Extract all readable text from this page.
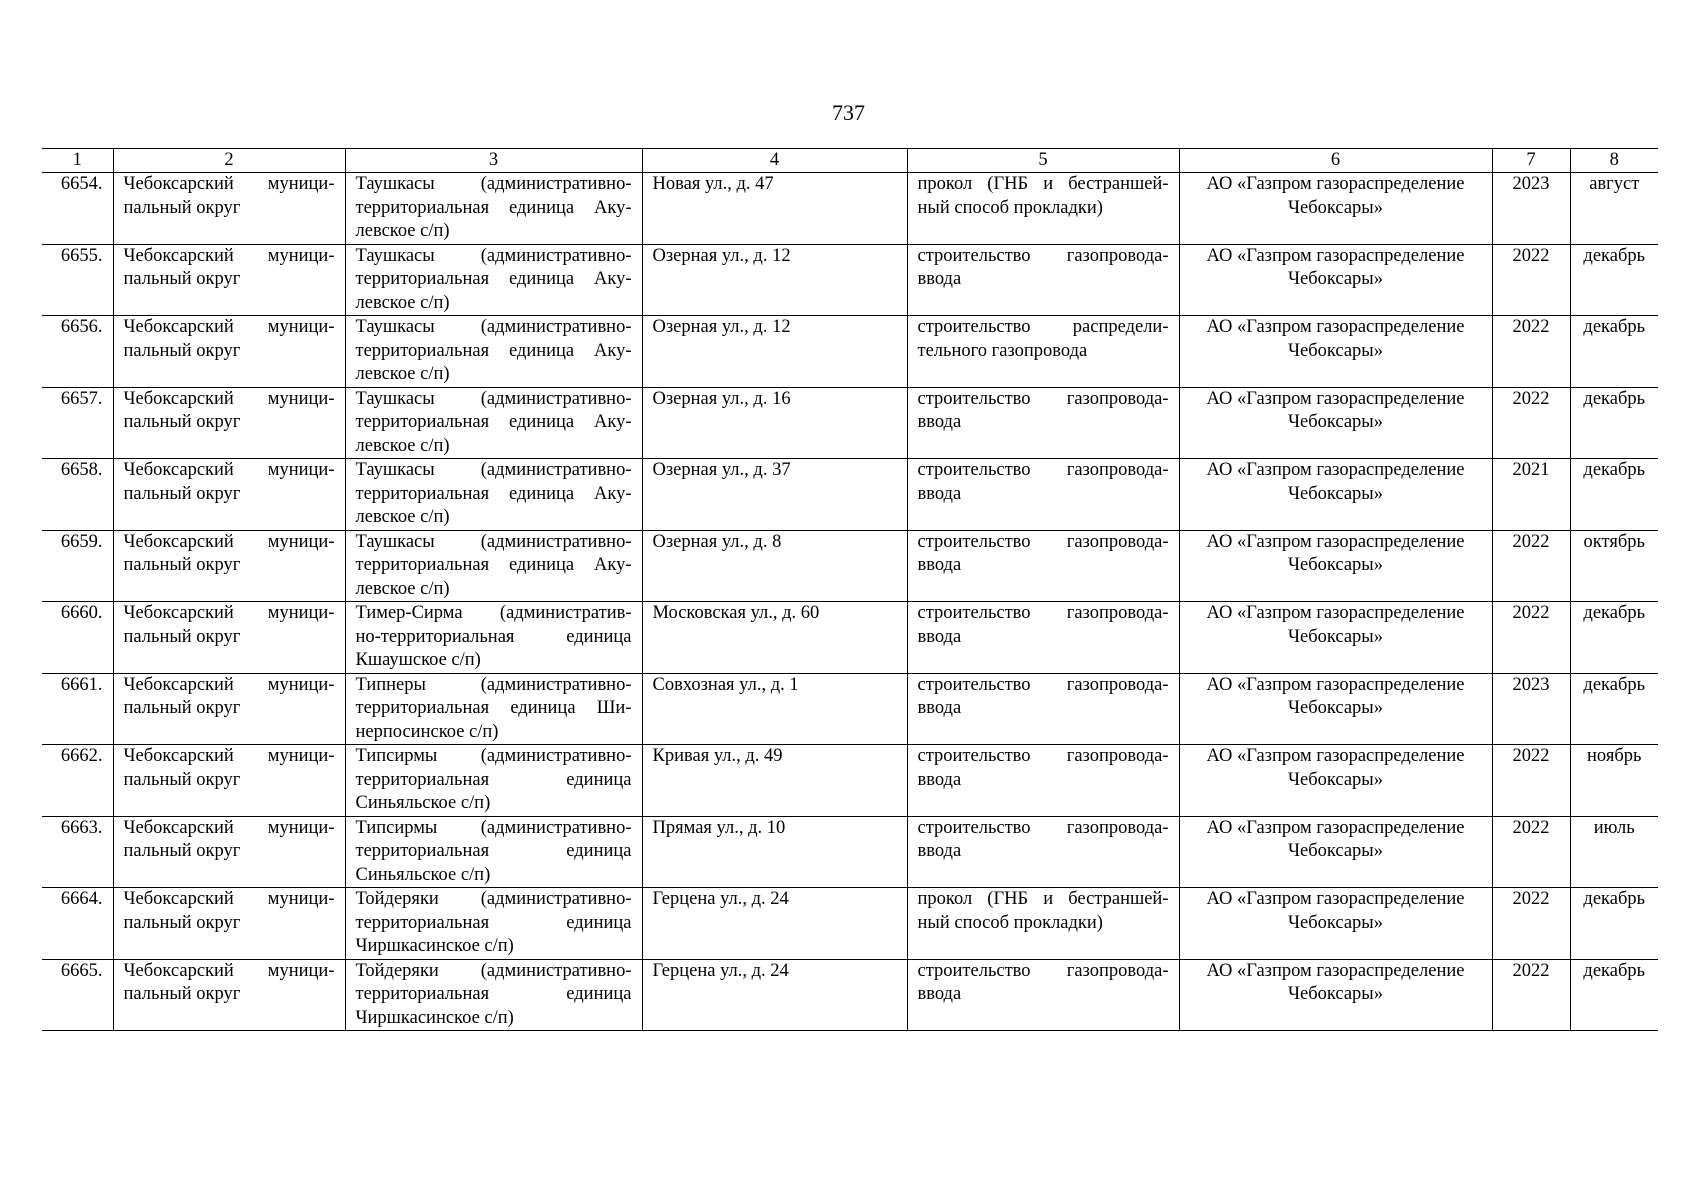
737
1	2	3	4	5	6	7	8
6654.	Чебоксарский муници-
пальный округ	Таушкасы (административно-
территориальная единица Аку-
левское с/п)	Новая ул., д. 47	прокол (ГНБ и бестраншей-
ный способ прокладки)	АО «Газпром газораспределение
Чебоксары»	2023	август
6655.	Чебоксарский муници-
пальный округ	Таушкасы (административно-
территориальная единица Аку-
левское с/п)	Озерная ул., д. 12	строительство газопровода-
ввода	АО «Газпром газораспределение
Чебоксары»	2022	декабрь
6656.	Чебоксарский муници-
пальный округ	Таушкасы (административно-
территориальная единица Аку-
левское с/п)	Озерная ул., д. 12	строительство распредели-
тельного газопровода	АО «Газпром газораспределение
Чебоксары»	2022	декабрь
6657.	Чебоксарский муници-
пальный округ	Таушкасы (административно-
территориальная единица Аку-
левское с/п)	Озерная ул., д. 16	строительство газопровода-
ввода	АО «Газпром газораспределение
Чебоксары»	2022	декабрь
6658.	Чебоксарский муници-
пальный округ	Таушкасы (административно-
территориальная единица Аку-
левское с/п)	Озерная ул., д. 37	строительство газопровода-
ввода	АО «Газпром газораспределение
Чебоксары»	2021	декабрь
6659.	Чебоксарский муници-
пальный округ	Таушкасы (административно-
территориальная единица Аку-
левское с/п)	Озерная ул., д. 8	строительство газопровода-
ввода	АО «Газпром газораспределение
Чебоксары»	2022	октябрь
6660.	Чебоксарский муници-
пальный округ	Тимер-Сирма (административ-
но-территориальная единица
Кшаушское с/п)	Московская ул., д. 60	строительство газопровода-
ввода	АО «Газпром газораспределение
Чебоксары»	2022	декабрь
6661.	Чебоксарский муници-
пальный округ	Типнеры (административно-
территориальная единица Ши-
нерпосинское с/п)	Совхозная ул., д. 1	строительство газопровода-
ввода	АО «Газпром газораспределение
Чебоксары»	2023	декабрь
6662.	Чебоксарский муници-
пальный округ	Типсирмы (административно-
территориальная единица
Синьяльское с/п)	Кривая ул., д. 49	строительство газопровода-
ввода	АО «Газпром газораспределение
Чебоксары»	2022	ноябрь
6663.	Чебоксарский муници-
пальный округ	Типсирмы (административно-
территориальная единица
Синьяльское с/п)	Прямая ул., д. 10	строительство газопровода-
ввода	АО «Газпром газораспределение
Чебоксары»	2022	июль
6664.	Чебоксарский муници-
пальный округ	Тойдеряки (административно-
территориальная единица
Чиршкасинское с/п)	Герцена ул., д. 24	прокол (ГНБ и бестраншей-
ный способ прокладки)	АО «Газпром газораспределение
Чебоксары»	2022	декабрь
6665.	Чебоксарский муници-
пальный округ	Тойдеряки (административно-
территориальная единица
Чиршкасинское с/п)	Герцена ул., д. 24	строительство газопровода-
ввода	АО «Газпром газораспределение
Чебоксары»	2022	декабрь
